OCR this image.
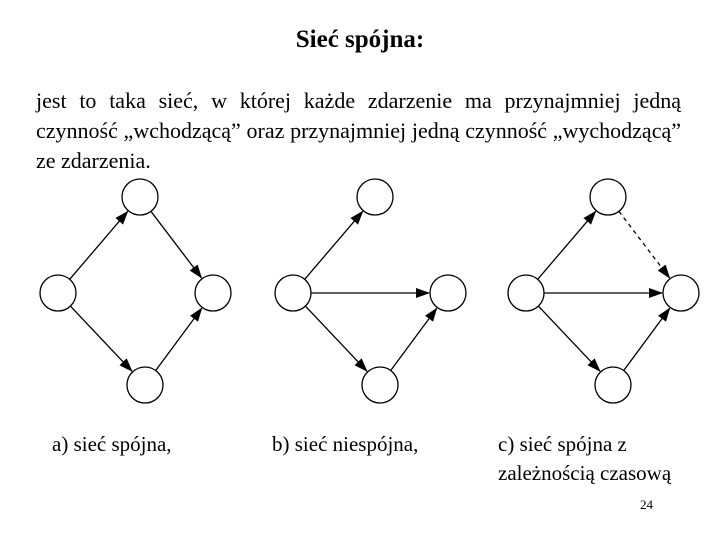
Sieć spójna:

jest to taka sieć, w której każde zdarzenie ma przynajmniej jedną czynność „wchodzącą” oraz przynajmniej jedną czynność „wychodzącą” ze zdarzenia.

a) sieć spójna,	b) sieć niespójna,	c) sieć spójna z
zależnością czasową
24
